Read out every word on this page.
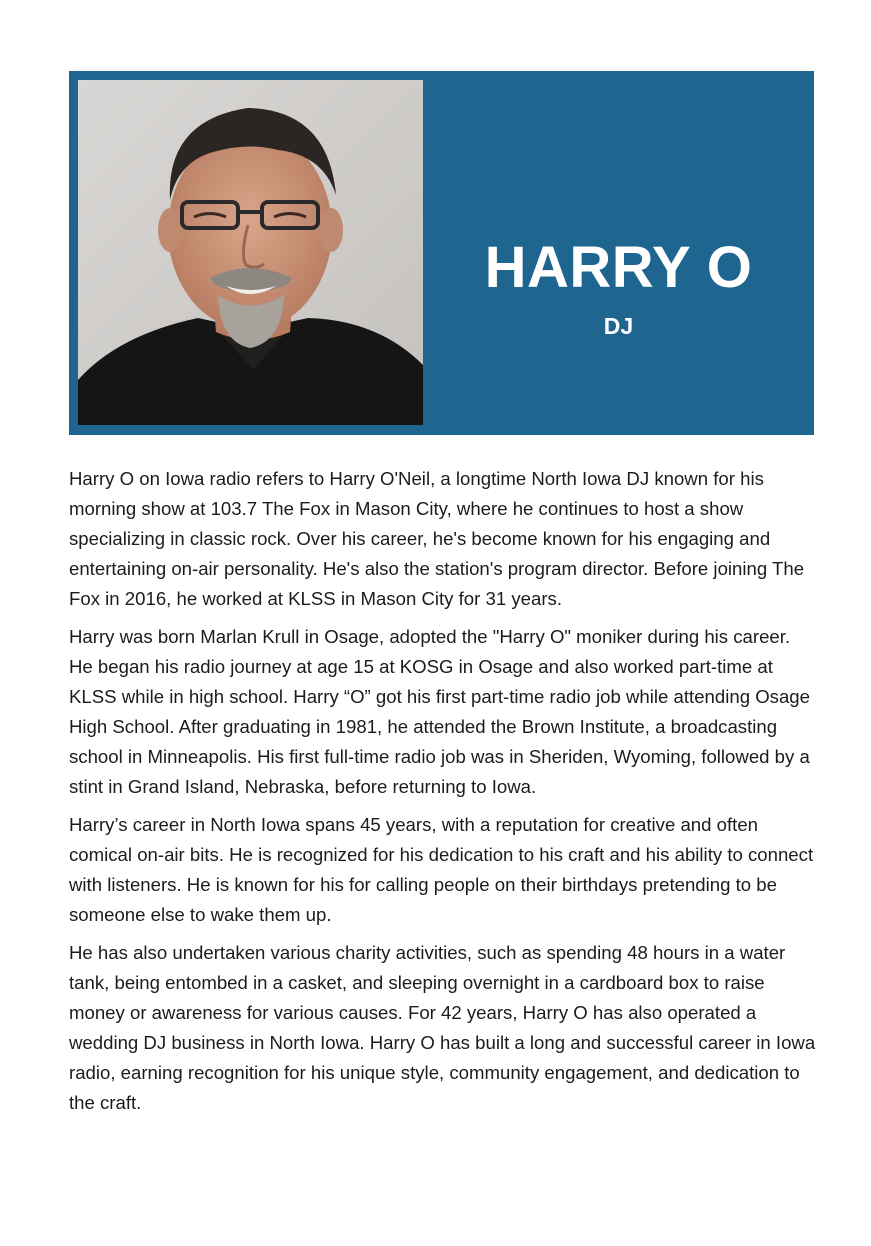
HARRY O
DJ

Harry O on Iowa radio refers to Harry O'Neil, a longtime North Iowa DJ known for his morning show at 103.7 The Fox in Mason City, where he continues to host a show specializing in classic rock. Over his career, he's become known for his engaging and entertaining on-air personality. He's also the station's program director. Before joining The Fox in 2016, he worked at KLSS in Mason City for 31 years.

Harry was born Marlan Krull in Osage, adopted the "Harry O" moniker during his career. He began his radio journey at age 15 at KOSG in Osage and also worked part-time at KLSS while in high school. Harry “O” got his first part-time radio job while attending Osage High School. After graduating in 1981, he attended the Brown Institute, a broadcasting school in Minneapolis. His first full-time radio job was in Sheriden, Wyoming, followed by a stint in Grand Island, Nebraska, before returning to Iowa.

Harry’s career in North Iowa spans 45 years, with a reputation for creative and often comical on-air bits. He is recognized for his dedication to his craft and his ability to connect with listeners. He is known for his for calling people on their birthdays pretending to be someone else to wake them up.

He has also undertaken various charity activities, such as spending 48 hours in a water tank, being entombed in a casket, and sleeping overnight in a cardboard box to raise money or awareness for various causes. For 42 years, Harry O has also operated a wedding DJ business in North Iowa. Harry O has built a long and successful career in Iowa radio, earning recognition for his unique style, community engagement, and dedication to the craft.
